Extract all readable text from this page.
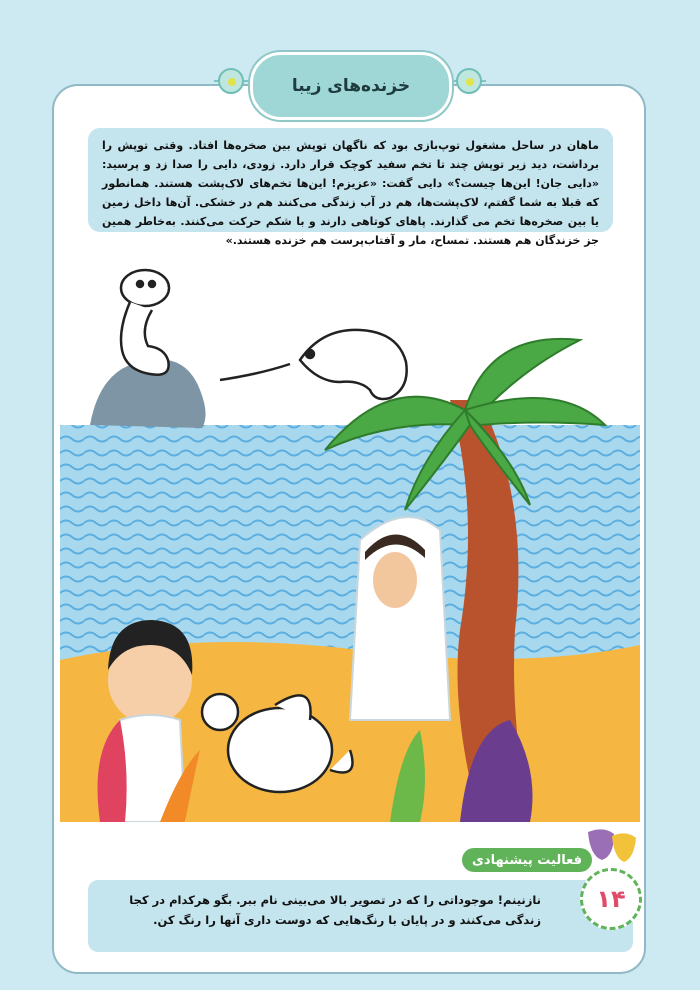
خزنده‌های زیبا

ماهان در ساحل مشغول توپ‌بازی بود که ناگهان توپش بین صخره‌ها افتاد. وقتی توپش را برداشت، دید زیر توپش چند تا تخم سفید کوچک قرار دارد. زودی، دایی را صدا زد و پرسید: «دایی جان! این‌ها چیست؟» دایی گفت: «عزیزم! این‌ها تخم‌های لاک‌پشت هستند. همانطور که قبلا به شما گفتم، لاک‌پشت‌ها، هم در آب زندگی می‌کنند هم در خشکی. آن‌ها داخل زمین یا بین صخره‌ها تخم می گذارند. پاهای کوتاهی دارند و با شکم حرکت می‌کنند. به‌خاطر همین جز خزندگان هم هستند. تمساح، مار و آفتاب‌پرست هم خزنده هستند.»

فعالیت پیشنهادی

نازنینم! موجوداتی را که در تصویر بالا می‌بینی نام ببر. بگو هرکدام در کجا زندگی می‌کنند و در پایان با رنگ‌هایی که دوست داری آنها را رنگ کن.

۱۴
